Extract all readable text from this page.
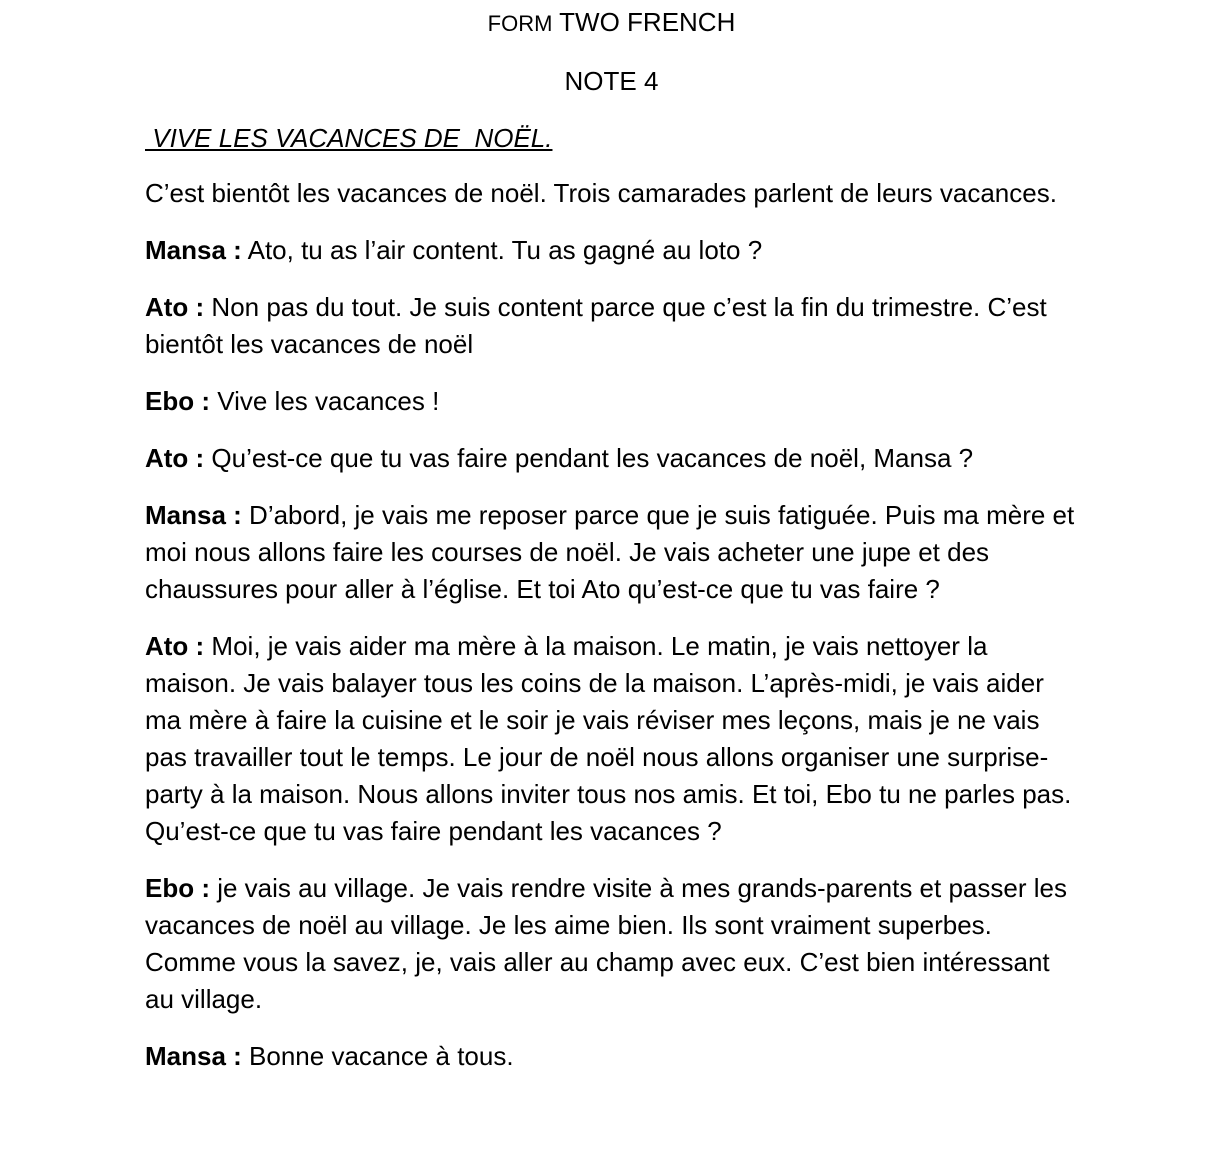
FORM TWO FRENCH
NOTE 4
VIVE LES VACANCES DE  NOËL.

C’est bientôt les vacances de noël. Trois camarades parlent de leurs vacances.

Mansa : Ato, tu as l’air content. Tu as gagné au loto ?

Ato : Non pas du tout. Je suis content parce que c’est la fin du trimestre. C’est bientôt les vacances de noël

Ebo : Vive les vacances !

Ato : Qu’est-ce que tu vas faire pendant les vacances de noël, Mansa ?

Mansa : D’abord, je vais me reposer parce que je suis fatiguée. Puis ma mère et moi nous allons faire les courses de noël. Je vais acheter une jupe et des chaussures pour aller à l’église. Et toi Ato qu’est-ce que tu vas faire ?

Ato : Moi, je vais aider ma mère à la maison. Le matin, je vais nettoyer la maison. Je vais balayer tous les coins de la maison. L’après-midi, je vais aider ma mère à faire la cuisine et le soir je vais réviser mes leçons, mais je ne vais pas travailler tout le temps. Le jour de noël nous allons organiser une surprise-party à la maison. Nous allons inviter tous nos amis. Et toi, Ebo tu ne parles pas. Qu’est-ce que tu vas faire pendant les vacances ?

Ebo : je vais au village. Je vais rendre visite à mes grands-parents et passer les vacances de noël au village. Je les aime bien. Ils sont vraiment superbes. Comme vous la savez, je, vais aller au champ avec eux. C’est bien intéressant au village.

Mansa : Bonne vacance à tous.
